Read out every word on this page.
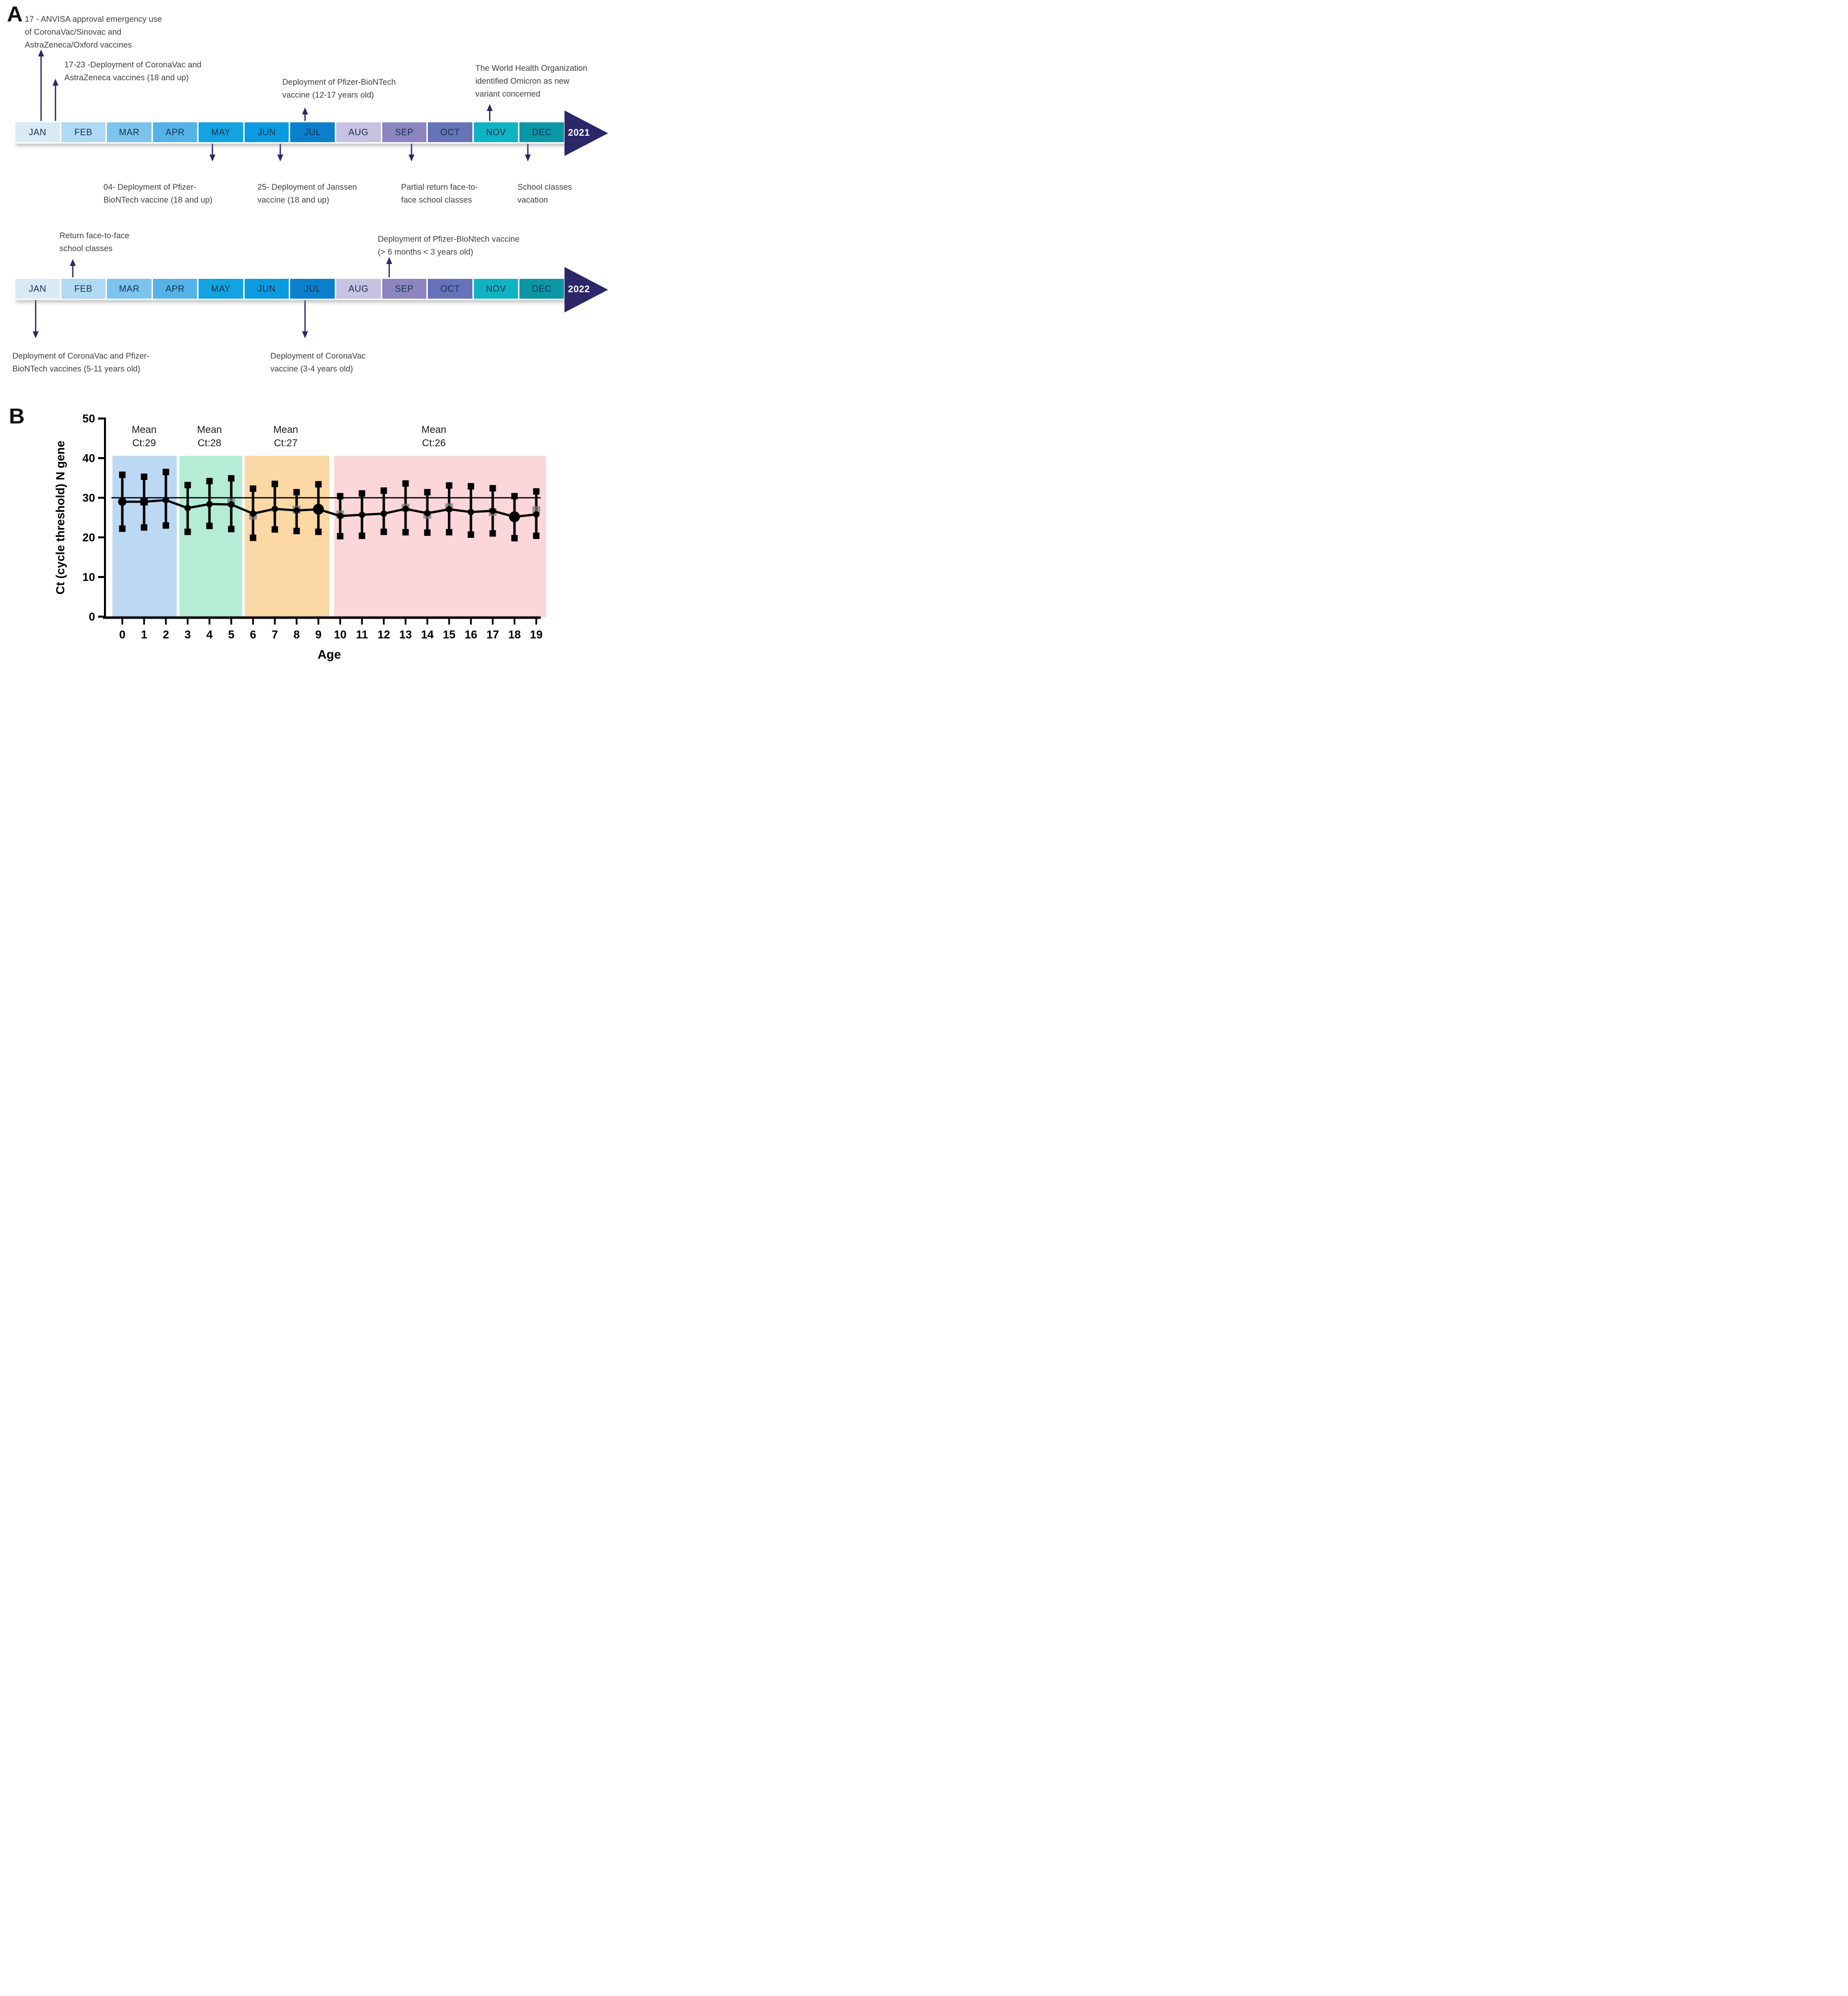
A
B
Mean
Ct:29
Mean
Ct:28
Mean
Ct:27
Mean
Ct:26
0
10
20
30
40
50
0 1 2 3 4 5 6 7 8 9 10 11 12 13 14 15 16 17 18 19
Ct (cycle threshold) N gene
Age
JAN	FEB	MAR	APR	MAY	JUN	JUL	AUG	SEP	OCT	NOV	DEC 2021
JAN	FEB	MAR	APR	MAY	JUN	JUL	AUG	SEP	OCT	NOV	DEC 2022
17 - ANVISA approval emergency use
of CoronaVac/Sinovac and
AstraZeneca/Oxford vaccines
17-23 -Deployment of CoronaVac and
AstraZeneca vaccines (18 and up)	Deployment of Pfizer-BioNTech
vaccine (12-17 years old)
The World Health Organization
identified Omicron as new
variant concerned
04- Deployment of Pfizer-
BioNTech vaccine (18 and up)
25- Deployment of Janssen
vaccine (18 and up)
Partial return face-to-
face school classes
School classes
vacation
Return face-to-face
school classes
Deployment of Pfizer-BioNtech vaccine
(> 6 months < 3 years old)
Deployment of CoronaVac and Pfizer-
BioNTech vaccines (5-11 years old)
Deployment of CoronaVac
vaccine (3-4 years old)
